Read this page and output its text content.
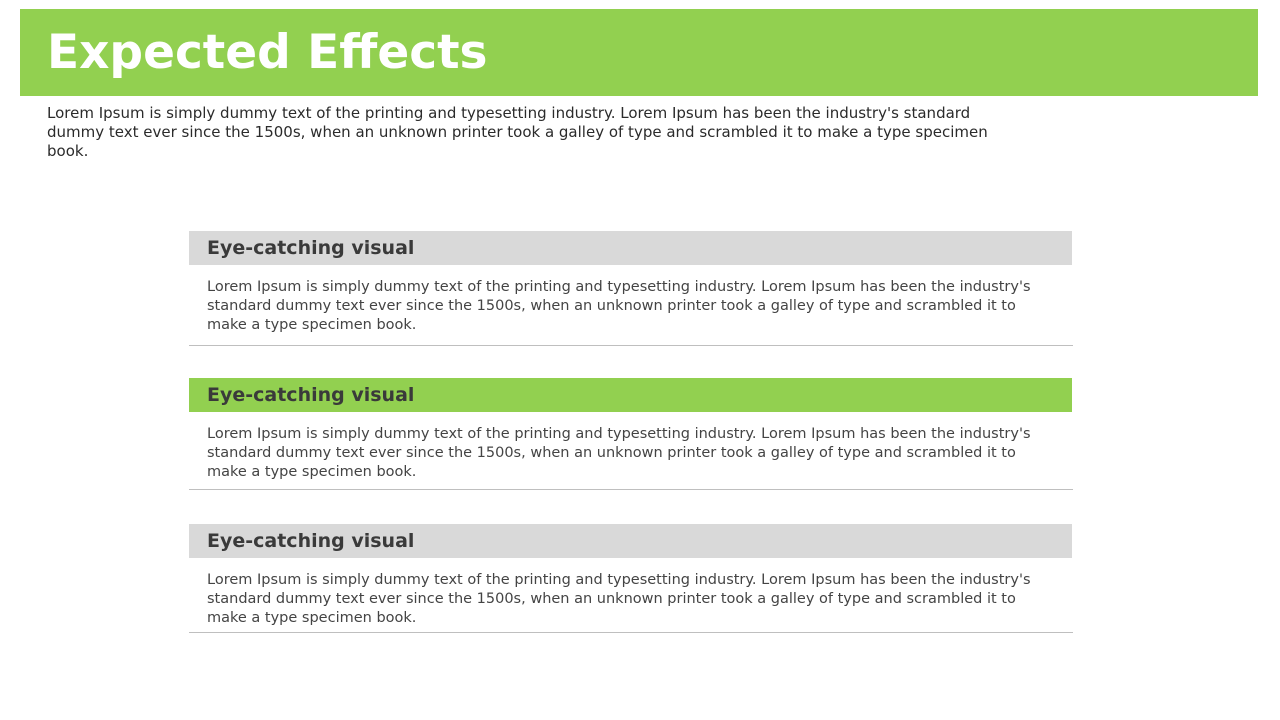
Expected Effects

Lorem Ipsum is simply dummy text of the printing and typesetting industry. Lorem Ipsum has been the industry's standard dummy text ever since the 1500s, when an unknown printer took a galley of type and scrambled it to make a type specimen book.

Eye-catching visual

Lorem Ipsum is simply dummy text of the printing and typesetting industry. Lorem Ipsum has been the industry's standard dummy text ever since the 1500s, when an unknown printer took a galley of type and scrambled it to make a type specimen book.

Eye-catching visual

Lorem Ipsum is simply dummy text of the printing and typesetting industry. Lorem Ipsum has been the industry's standard dummy text ever since the 1500s, when an unknown printer took a galley of type and scrambled it to make a type specimen book.

Eye-catching visual

Lorem Ipsum is simply dummy text of the printing and typesetting industry. Lorem Ipsum has been the industry's standard dummy text ever since the 1500s, when an unknown printer took a galley of type and scrambled it to make a type specimen book.
